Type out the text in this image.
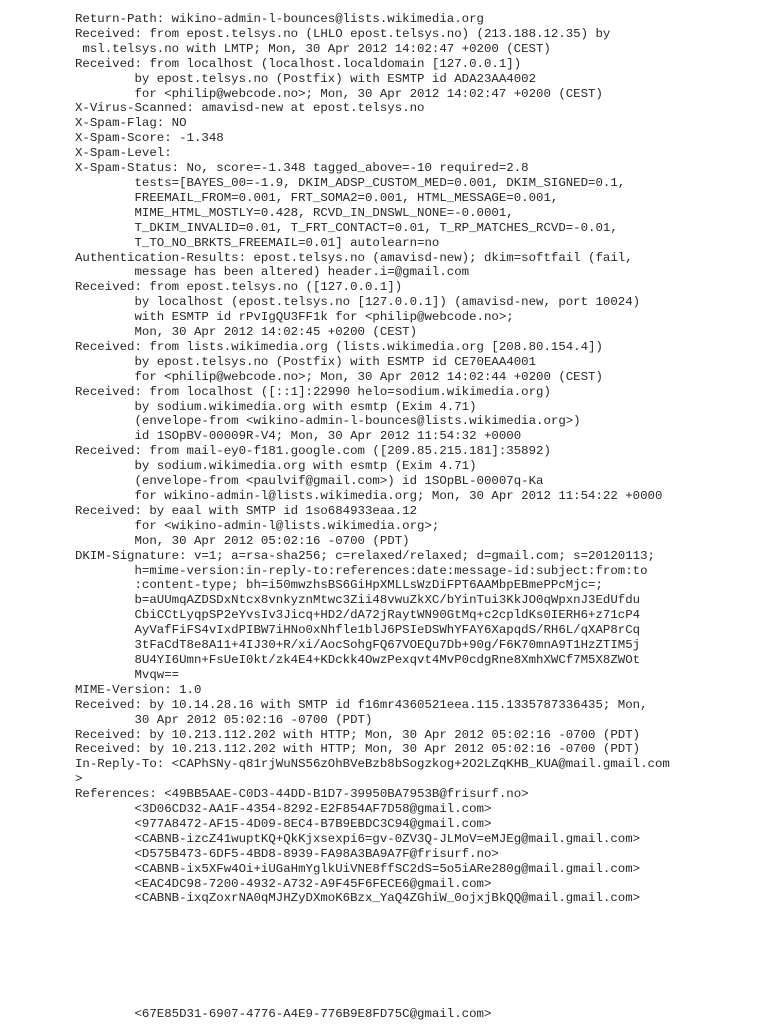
Return-Path: wikino-admin-l-bounces@lists.wikimedia.org
Received: from epost.telsys.no (LHLO epost.telsys.no) (213.188.12.35) by
msl.telsys.no with LMTP; Mon, 30 Apr 2012 14:02:47 +0200 (CEST)
Received: from localhost (localhost.localdomain [127.0.0.1])
by epost.telsys.no (Postfix) with ESMTP id ADA23AA4002
for <philip@webcode.no>; Mon, 30 Apr 2012 14:02:47 +0200 (CEST)
X-Virus-Scanned: amavisd-new at epost.telsys.no
X-Spam-Flag: NO
X-Spam-Score: -1.348
X-Spam-Level:
X-Spam-Status: No, score=-1.348 tagged_above=-10 required=2.8
tests=[BAYES_00=-1.9, DKIM_ADSP_CUSTOM_MED=0.001, DKIM_SIGNED=0.1,
FREEMAIL_FROM=0.001, FRT_SOMA2=0.001, HTML_MESSAGE=0.001,
MIME_HTML_MOSTLY=0.428, RCVD_IN_DNSWL_NONE=-0.0001,
T_DKIM_INVALID=0.01, T_FRT_CONTACT=0.01, T_RP_MATCHES_RCVD=-0.01,
T_TO_NO_BRKTS_FREEMAIL=0.01] autolearn=no
Authentication-Results: epost.telsys.no (amavisd-new); dkim=softfail (fail,
message has been altered) header.i=@gmail.com
Received: from epost.telsys.no ([127.0.0.1])
by localhost (epost.telsys.no [127.0.0.1]) (amavisd-new, port 10024)
with ESMTP id rPvIgQU3FF1k for <philip@webcode.no>;
Mon, 30 Apr 2012 14:02:45 +0200 (CEST)
Received: from lists.wikimedia.org (lists.wikimedia.org [208.80.154.4])
by epost.telsys.no (Postfix) with ESMTP id CE70EAA4001
for <philip@webcode.no>; Mon, 30 Apr 2012 14:02:44 +0200 (CEST)
Received: from localhost ([::1]:22990 helo=sodium.wikimedia.org)
by sodium.wikimedia.org with esmtp (Exim 4.71)
(envelope-from <wikino-admin-l-bounces@lists.wikimedia.org>)
id 1SOpBV-00009R-V4; Mon, 30 Apr 2012 11:54:32 +0000
Received: from mail-ey0-f181.google.com ([209.85.215.181]:35892)
by sodium.wikimedia.org with esmtp (Exim 4.71)
(envelope-from <paulvif@gmail.com>) id 1SOpBL-00007q-Ka
for wikino-admin-l@lists.wikimedia.org; Mon, 30 Apr 2012 11:54:22 +0000
Received: by eaal with SMTP id 1so684933eaa.12
for <wikino-admin-l@lists.wikimedia.org>;
Mon, 30 Apr 2012 05:02:16 -0700 (PDT)
DKIM-Signature: v=1; a=rsa-sha256; c=relaxed/relaxed; d=gmail.com; s=20120113;
h=mime-version:in-reply-to:references:date:message-id:subject:from:to
:content-type; bh=i50mwzhsBS6GiHpXMLLsWzDiFPT6AAMbpEBmePPcMjc=;
b=aUUmqAZDSDxNtcx8vnkyznMtwc3Zii48vwuZkXC/bYinTui3KkJO0qWpxnJ3EdUfdu
CbiCCtLyqpSP2eYvsIv3Jicq+HD2/dA72jRaytWN90GtMq+c2cpldKs0IERH6+z71cP4
AyVafFiFS4vIxdPIBW7iHNo0xNhfle1blJ6PSIeDSWhYFAY6XapqdS/RH6L/qXAP8rCq
3tFaCdT8e8A11+4IJ30+R/xi/AocSohgFQ67VOEQu7Db+90g/F6K70mnA9T1HzZTIM5j
8U4YI6Umn+FsUeI0kt/zk4E4+KDckk4OwzPexqvt4MvP0cdgRne8XmhXWCf7M5X8ZWOt
Mvqw==
MIME-Version: 1.0
Received: by 10.14.28.16 with SMTP id f16mr4360521eea.115.1335787336435; Mon,
30 Apr 2012 05:02:16 -0700 (PDT)
Received: by 10.213.112.202 with HTTP; Mon, 30 Apr 2012 05:02:16 -0700 (PDT)
Received: by 10.213.112.202 with HTTP; Mon, 30 Apr 2012 05:02:16 -0700 (PDT)
In-Reply-To: <CAPhSNy-q81rjWuNS56zOhBVeBzb8bSogzkog+2O2LZqKHB_KUA@mail.gmail.com
>
References: <49BB5AAE-C0D3-44DD-B1D7-39950BA7953B@frisurf.no>
<3D06CD32-AA1F-4354-8292-E2F854AF7D58@gmail.com>
<977A8472-AF15-4D09-8EC4-B7B9EBDC3C94@gmail.com>
<CABNB-izcZ41wuptKQ+QkKjxsexpi6=gv-0ZV3Q-JLMoV=eMJEg@mail.gmail.com>
<D575B473-6DF5-4BD8-8939-FA98A3BA9A7F@frisurf.no>
<CABNB-ix5XFw4Oi+iUGaHmYglkUiVNE8ffSC2dS=5o5iARe280g@mail.gmail.com>
<EAC4DC98-7200-4932-A732-A9F45F6FECE6@gmail.com>
<CABNB-ixqZoxrNA0qMJHZyDXmoK6Bzx_YaQ4ZGhiW_0ojxjBkQQ@mail.gmail.com>
<67E85D31-6907-4776-A4E9-776B9E8FD75C@gmail.com>
